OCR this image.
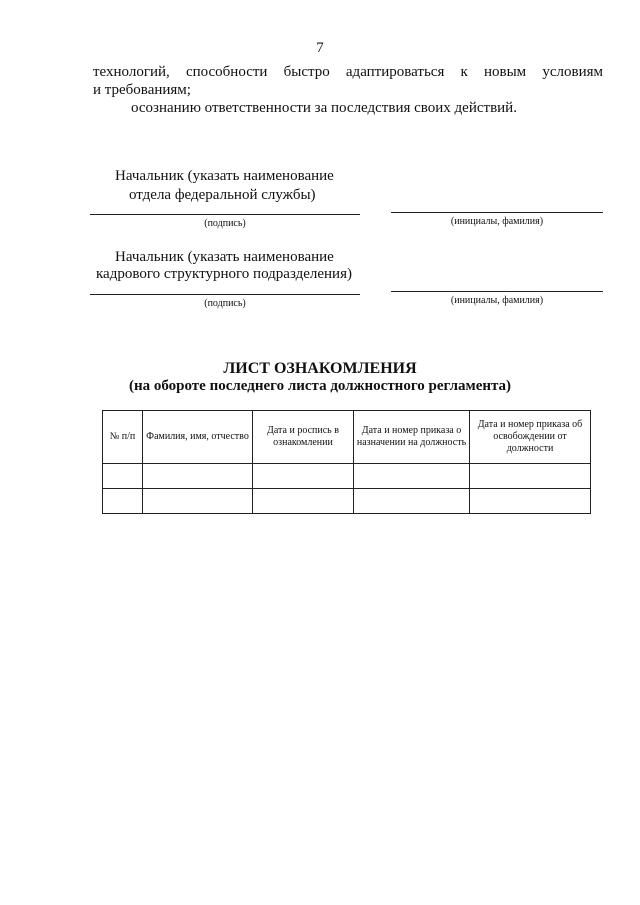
7
технологий, способности быстро адаптироваться к новым условиям
и требованиям;
осознанию ответственности за последствия своих действий.
Начальник (указать наименование
отдела федеральной службы)
(подпись)	(инициалы, фамилия)
Начальник (указать наименование
кадрового структурного подразделения)
(подпись)	(инициалы, фамилия)
ЛИСТ ОЗНАКОМЛЕНИЯ
(на обороте последнего листа должностного регламента)
№ п/п	Фамилия, имя, отчество	Дата и роспись в ознакомлении	Дата и номер приказа о назначении на должность	Дата и номер приказа об освобождении от должности
